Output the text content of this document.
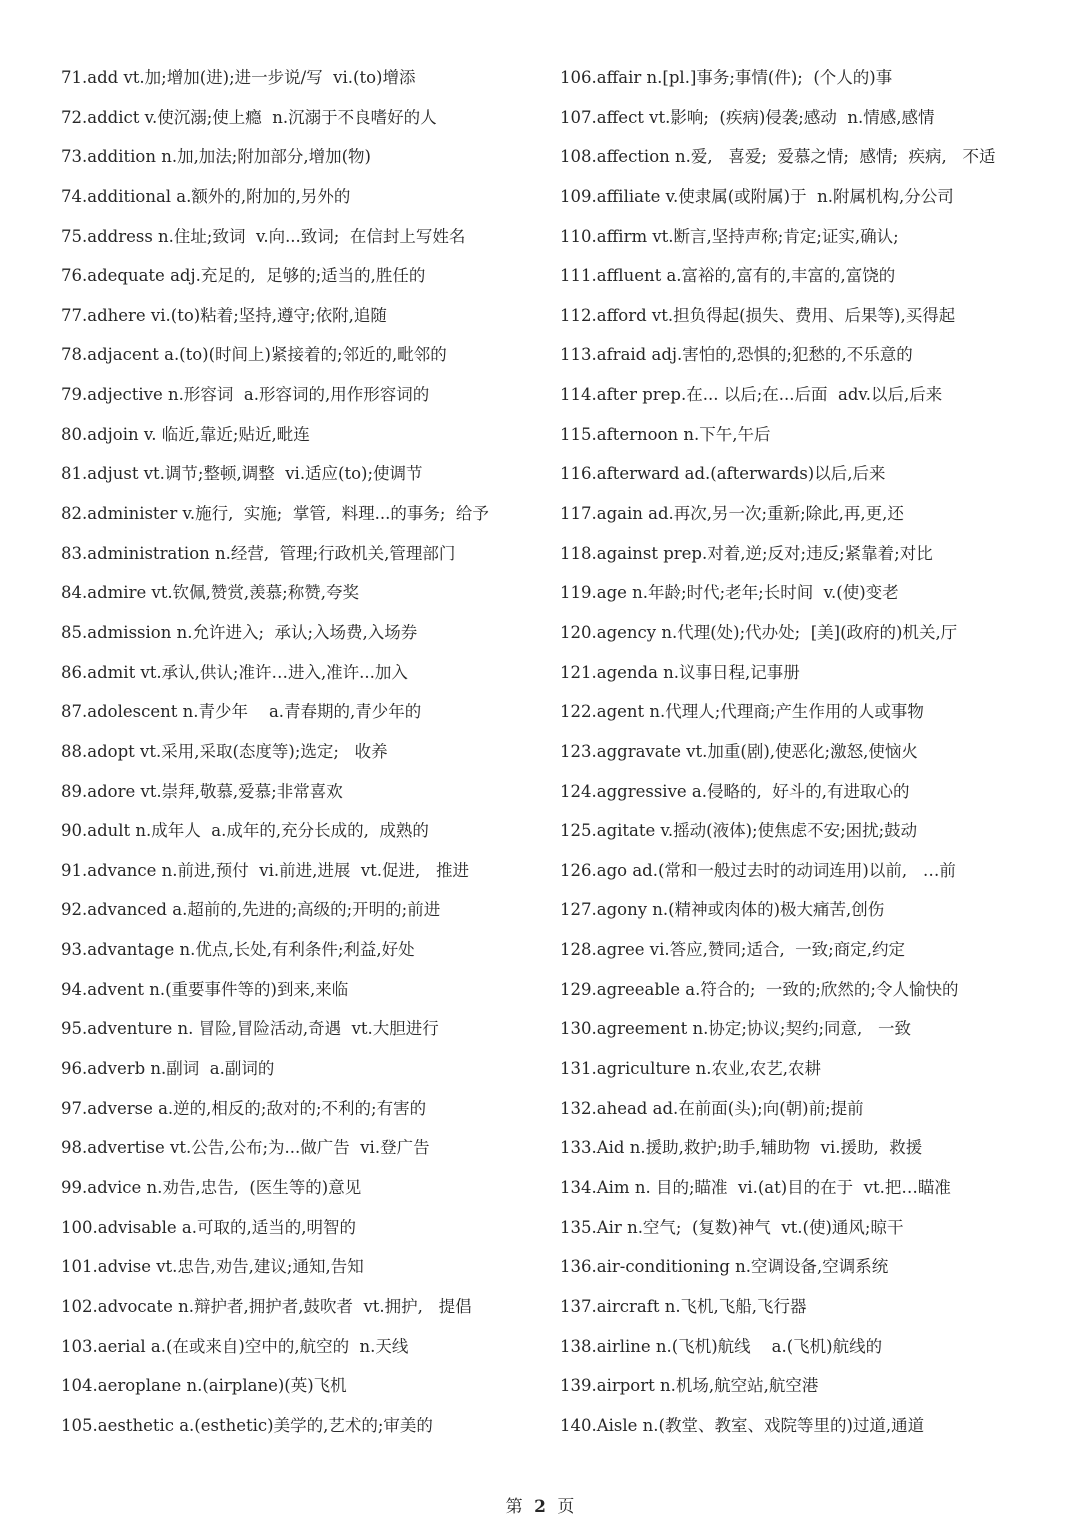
71.add vt.加;增加(进);进一步说/写  vi.(to)增添
72.addict v.使沉溺;使上瘾  n.沉溺于不良嗜好的人
73.addition n.加,加法;附加部分,增加(物)
74.additional a.额外的,附加的,另外的
75.address n.住址;致词  v.向...致词;  在信封上写姓名
76.adequate adj.充足的,  足够的;适当的,胜任的
77.adhere vi.(to)粘着;坚持,遵守;依附,追随
78.adjacent a.(to)(时间上)紧接着的;邻近的,毗邻的
79.adjective n.形容词  a.形容词的,用作形容词的
80.adjoin v. 临近,靠近;贴近,毗连
81.adjust vt.调节;整顿,调整  vi.适应(to);使调节
82.administer v.施行,  实施;  掌管,  料理...的事务;  给予
83.administration n.经营,  管理;行政机关,管理部门
84.admire vt.钦佩,赞赏,羡慕;称赞,夸奖
85.admission n.允许进入;  承认;入场费,入场券
86.admit vt.承认,供认;准许…进入,准许...加入
87.adolescent n.青少年    a.青春期的,青少年的
88.adopt vt.采用,采取(态度等);选定;   收养
89.adore vt.崇拜,敬慕,爱慕;非常喜欢
90.adult n.成年人  a.成年的,充分长成的,  成熟的
91.advance n.前进,预付  vi.前进,进展  vt.促进,   推进
92.advanced a.超前的,先进的;高级的;开明的;前进
93.advantage n.优点,长处,有利条件;利益,好处
94.advent n.(重要事件等的)到来,来临
95.adventure n. 冒险,冒险活动,奇遇  vt.大胆进行
96.adverb n.副词  a.副词的
97.adverse a.逆的,相反的;敌对的;不利的;有害的
98.advertise vt.公告,公布;为...做广告  vi.登广告
99.advice n.劝告,忠告,  (医生等的)意见
100.advisable a.可取的,适当的,明智的
101.advise vt.忠告,劝告,建议;通知,告知
102.advocate n.辩护者,拥护者,鼓吹者  vt.拥护,   提倡
103.aerial a.(在或来自)空中的,航空的  n.天线
104.aeroplane n.(airplane)(英)飞机
105.aesthetic a.(esthetic)美学的,艺术的;审美的
106.affair n.[pl.]事务;事情(件);  (个人的)事
107.affect vt.影响;  (疾病)侵袭;感动  n.情感,感情
108.affection n.爱,   喜爱;  爱慕之情;  感情;  疾病,   不适
109.affiliate v.使隶属(或附属)于  n.附属机构,分公司
110.affirm vt.断言,坚持声称;肯定;证实,确认;
111.affluent a.富裕的,富有的,丰富的,富饶的
112.afford vt.担负得起(损失、费用、后果等),买得起
113.afraid adj.害怕的,恐惧的;犯愁的,不乐意的
114.after prep.在... 以后;在...后面  adv.以后,后来
115.afternoon n.下午,午后
116.afterward ad.(afterwards)以后,后来
117.again ad.再次,另一次;重新;除此,再,更,还
118.against prep.对着,逆;反对;违反;紧靠着;对比
119.age n.年龄;时代;老年;长时间  v.(使)变老
120.agency n.代理(处);代办处;  [美](政府的)机关,厅
121.agenda n.议事日程,记事册
122.agent n.代理人;代理商;产生作用的人或事物
123.aggravate vt.加重(剧),使恶化;激怒,使恼火
124.aggressive a.侵略的,  好斗的,有进取心的
125.agitate v.摇动(液体);使焦虑不安;困扰;鼓动
126.ago ad.(常和一般过去时的动词连用)以前,   …前
127.agony n.(精神或肉体的)极大痛苦,创伤
128.agree vi.答应,赞同;适合,  一致;商定,约定
129.agreeable a.符合的;  一致的;欣然的;令人愉快的
130.agreement n.协定;协议;契约;同意,   一致
131.agriculture n.农业,农艺,农耕
132.ahead ad.在前面(头);向(朝)前;提前
133.Aid n.援助,救护;助手,辅助物  vi.援助,  救援
134.Aim n. 目的;瞄准  vi.(at)目的在于  vt.把…瞄准
135.Air n.空气;  (复数)神气  vt.(使)通风;晾干
136.air-conditioning n.空调设备,空调系统
137.aircraft n.飞机,飞船,飞行器
138.airline n.(飞机)航线    a.(飞机)航线的
139.airport n.机场,航空站,航空港
140.Aisle n.(教堂、教室、戏院等里的)过道,通道
第 2 页
